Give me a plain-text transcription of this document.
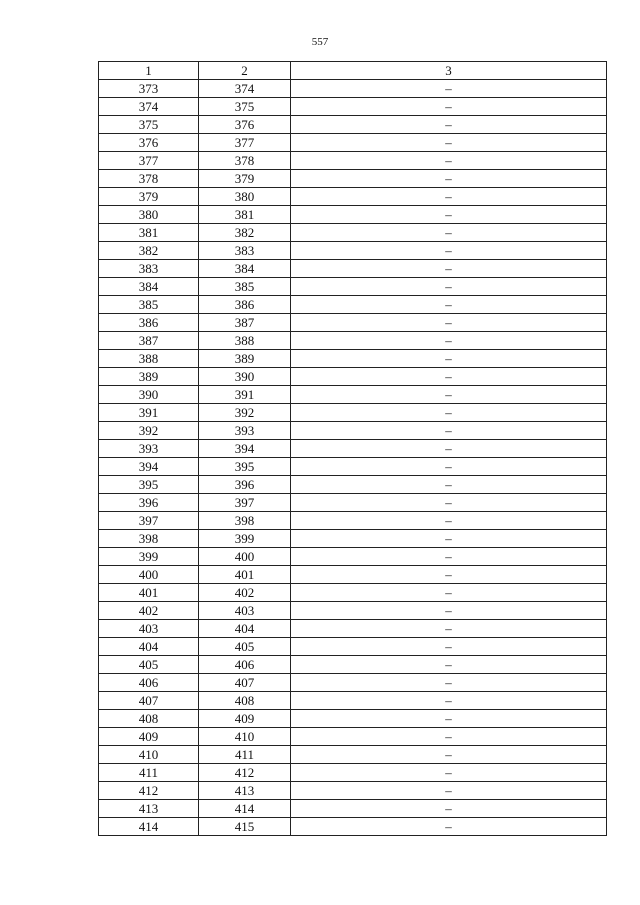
557
1	2	3
373	374	–
374	375	–
375	376	–
376	377	–
377	378	–
378	379	–
379	380	–
380	381	–
381	382	–
382	383	–
383	384	–
384	385	–
385	386	–
386	387	–
387	388	–
388	389	–
389	390	–
390	391	–
391	392	–
392	393	–
393	394	–
394	395	–
395	396	–
396	397	–
397	398	–
398	399	–
399	400	–
400	401	–
401	402	–
402	403	–
403	404	–
404	405	–
405	406	–
406	407	–
407	408	–
408	409	–
409	410	–
410	411	–
411	412	–
412	413	–
413	414	–
414	415	–
